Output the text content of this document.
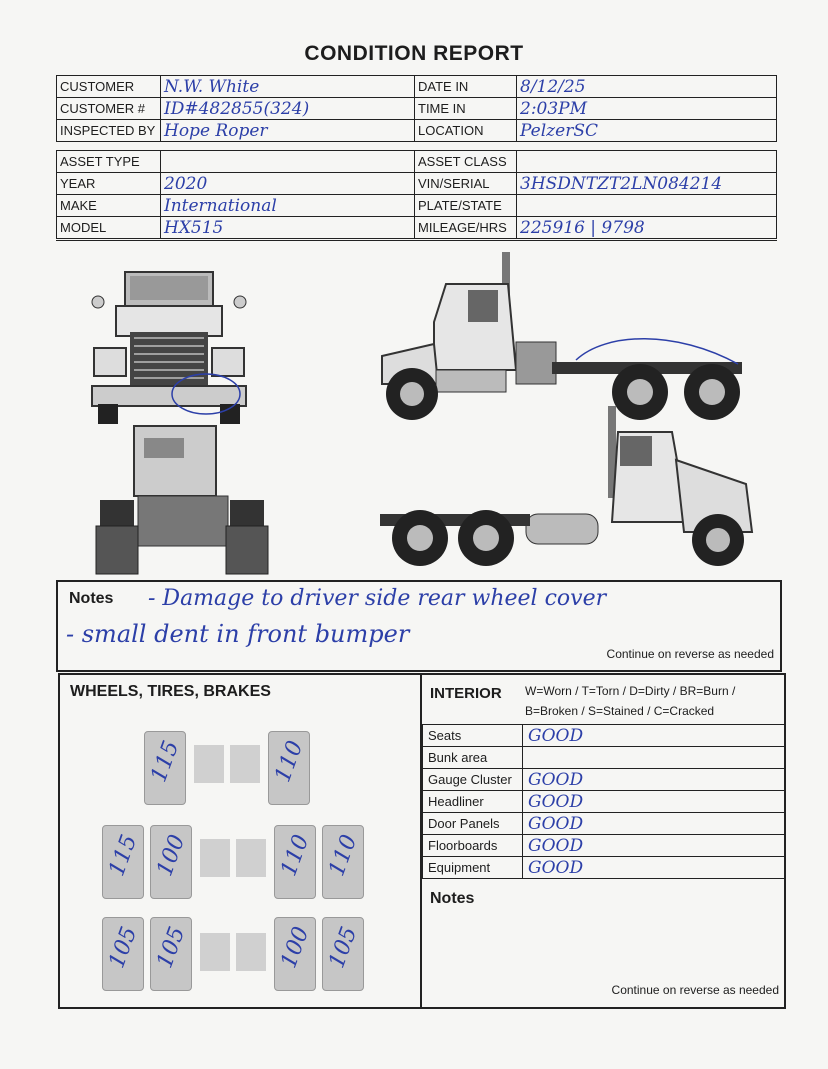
CONDITION REPORT
CUSTOMER	N.W. White	DATE IN	8/12/25
CUSTOMER #	ID#482855(324)	TIME IN	2:03PM
INSPECTED BY	Hope Roper	LOCATION	PelzerSC
ASSET TYPE		ASSET CLASS	
YEAR	2020	VIN/SERIAL	3HSDNTZT2LN084214
MAKE	International	PLATE/STATE	
MODEL	HX515	MILEAGE/HRS	225916 | 9798
Notes - Damage to driver side rear wheel cover
- small dent in front bumper
Continue on reverse as needed
WHEELS, TIRES, BRAKES
115	110
115 100	110 110
105 105	100 105
INTERIOR W=Worn / T=Torn / D=Dirty / BR=Burn /
B=Broken / S=Stained / C=Cracked
Seats	GOOD
Bunk area	
Gauge Cluster	GOOD
Headliner	GOOD
Door Panels	GOOD
Floorboards	GOOD
Equipment	GOOD
Notes
Continue on reverse as needed
